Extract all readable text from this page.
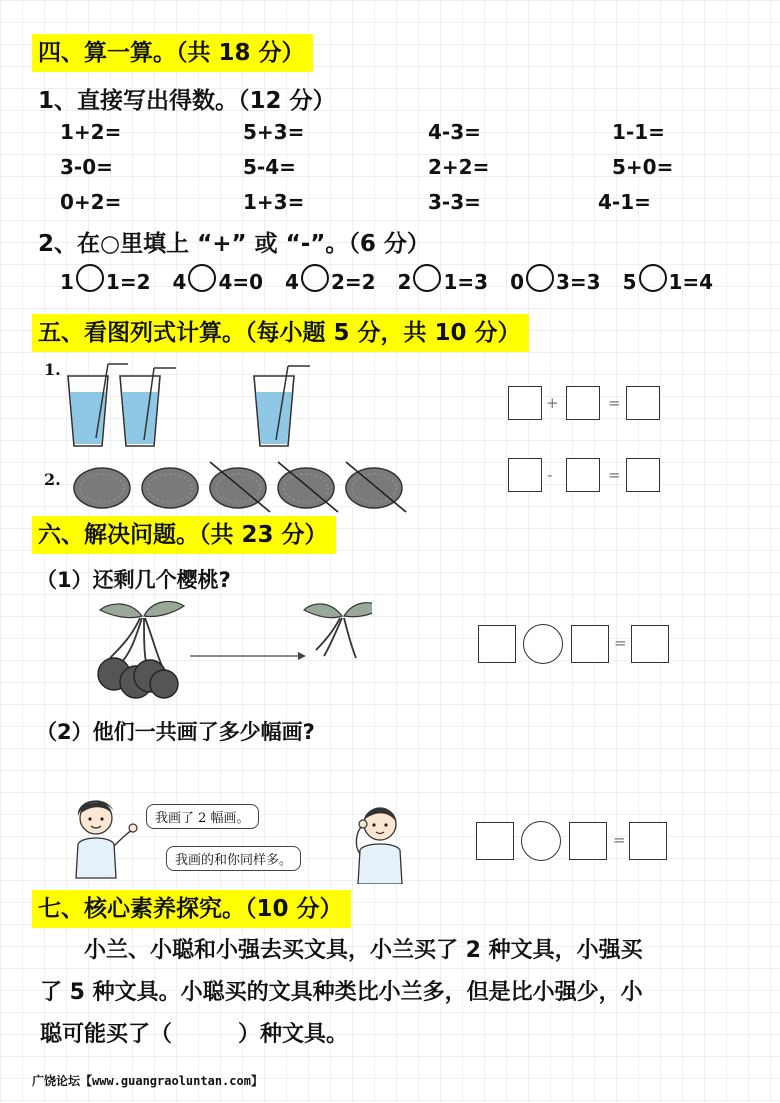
四、算一算。（共 18 分）
1、直接写出得数。（12 分）
1+2=	5+3=	4-3=	1-1=
3-0=	5-4=	2+2=	5+0=
0+2=	1+3=	3-3=	4-1=
2、在○里填上 “+” 或 “-”。（6 分）
1 1=2 4 4=0 4 2=2 2 1=3 0 3=3 5 1=4
五、看图列式计算。（每小题 5 分，共 10 分）
1.
2.
+	=
-	=
六、解决问题。（共 23 分）
（1）还剩几个樱桃?
=
（2）他们一共画了多少幅画?
我画了 2 幅画。
我画的和你同样多。
=
七、核心素养探究。（10 分）
　　小兰、小聪和小强去买文具，小兰买了 2 种文具，小强买
了 5 种文具。小聪买的文具种类比小兰多，但是比小强少，小
聪可能买了（　　　）种文具。
广饶论坛【www.guangraoluntan.com】
